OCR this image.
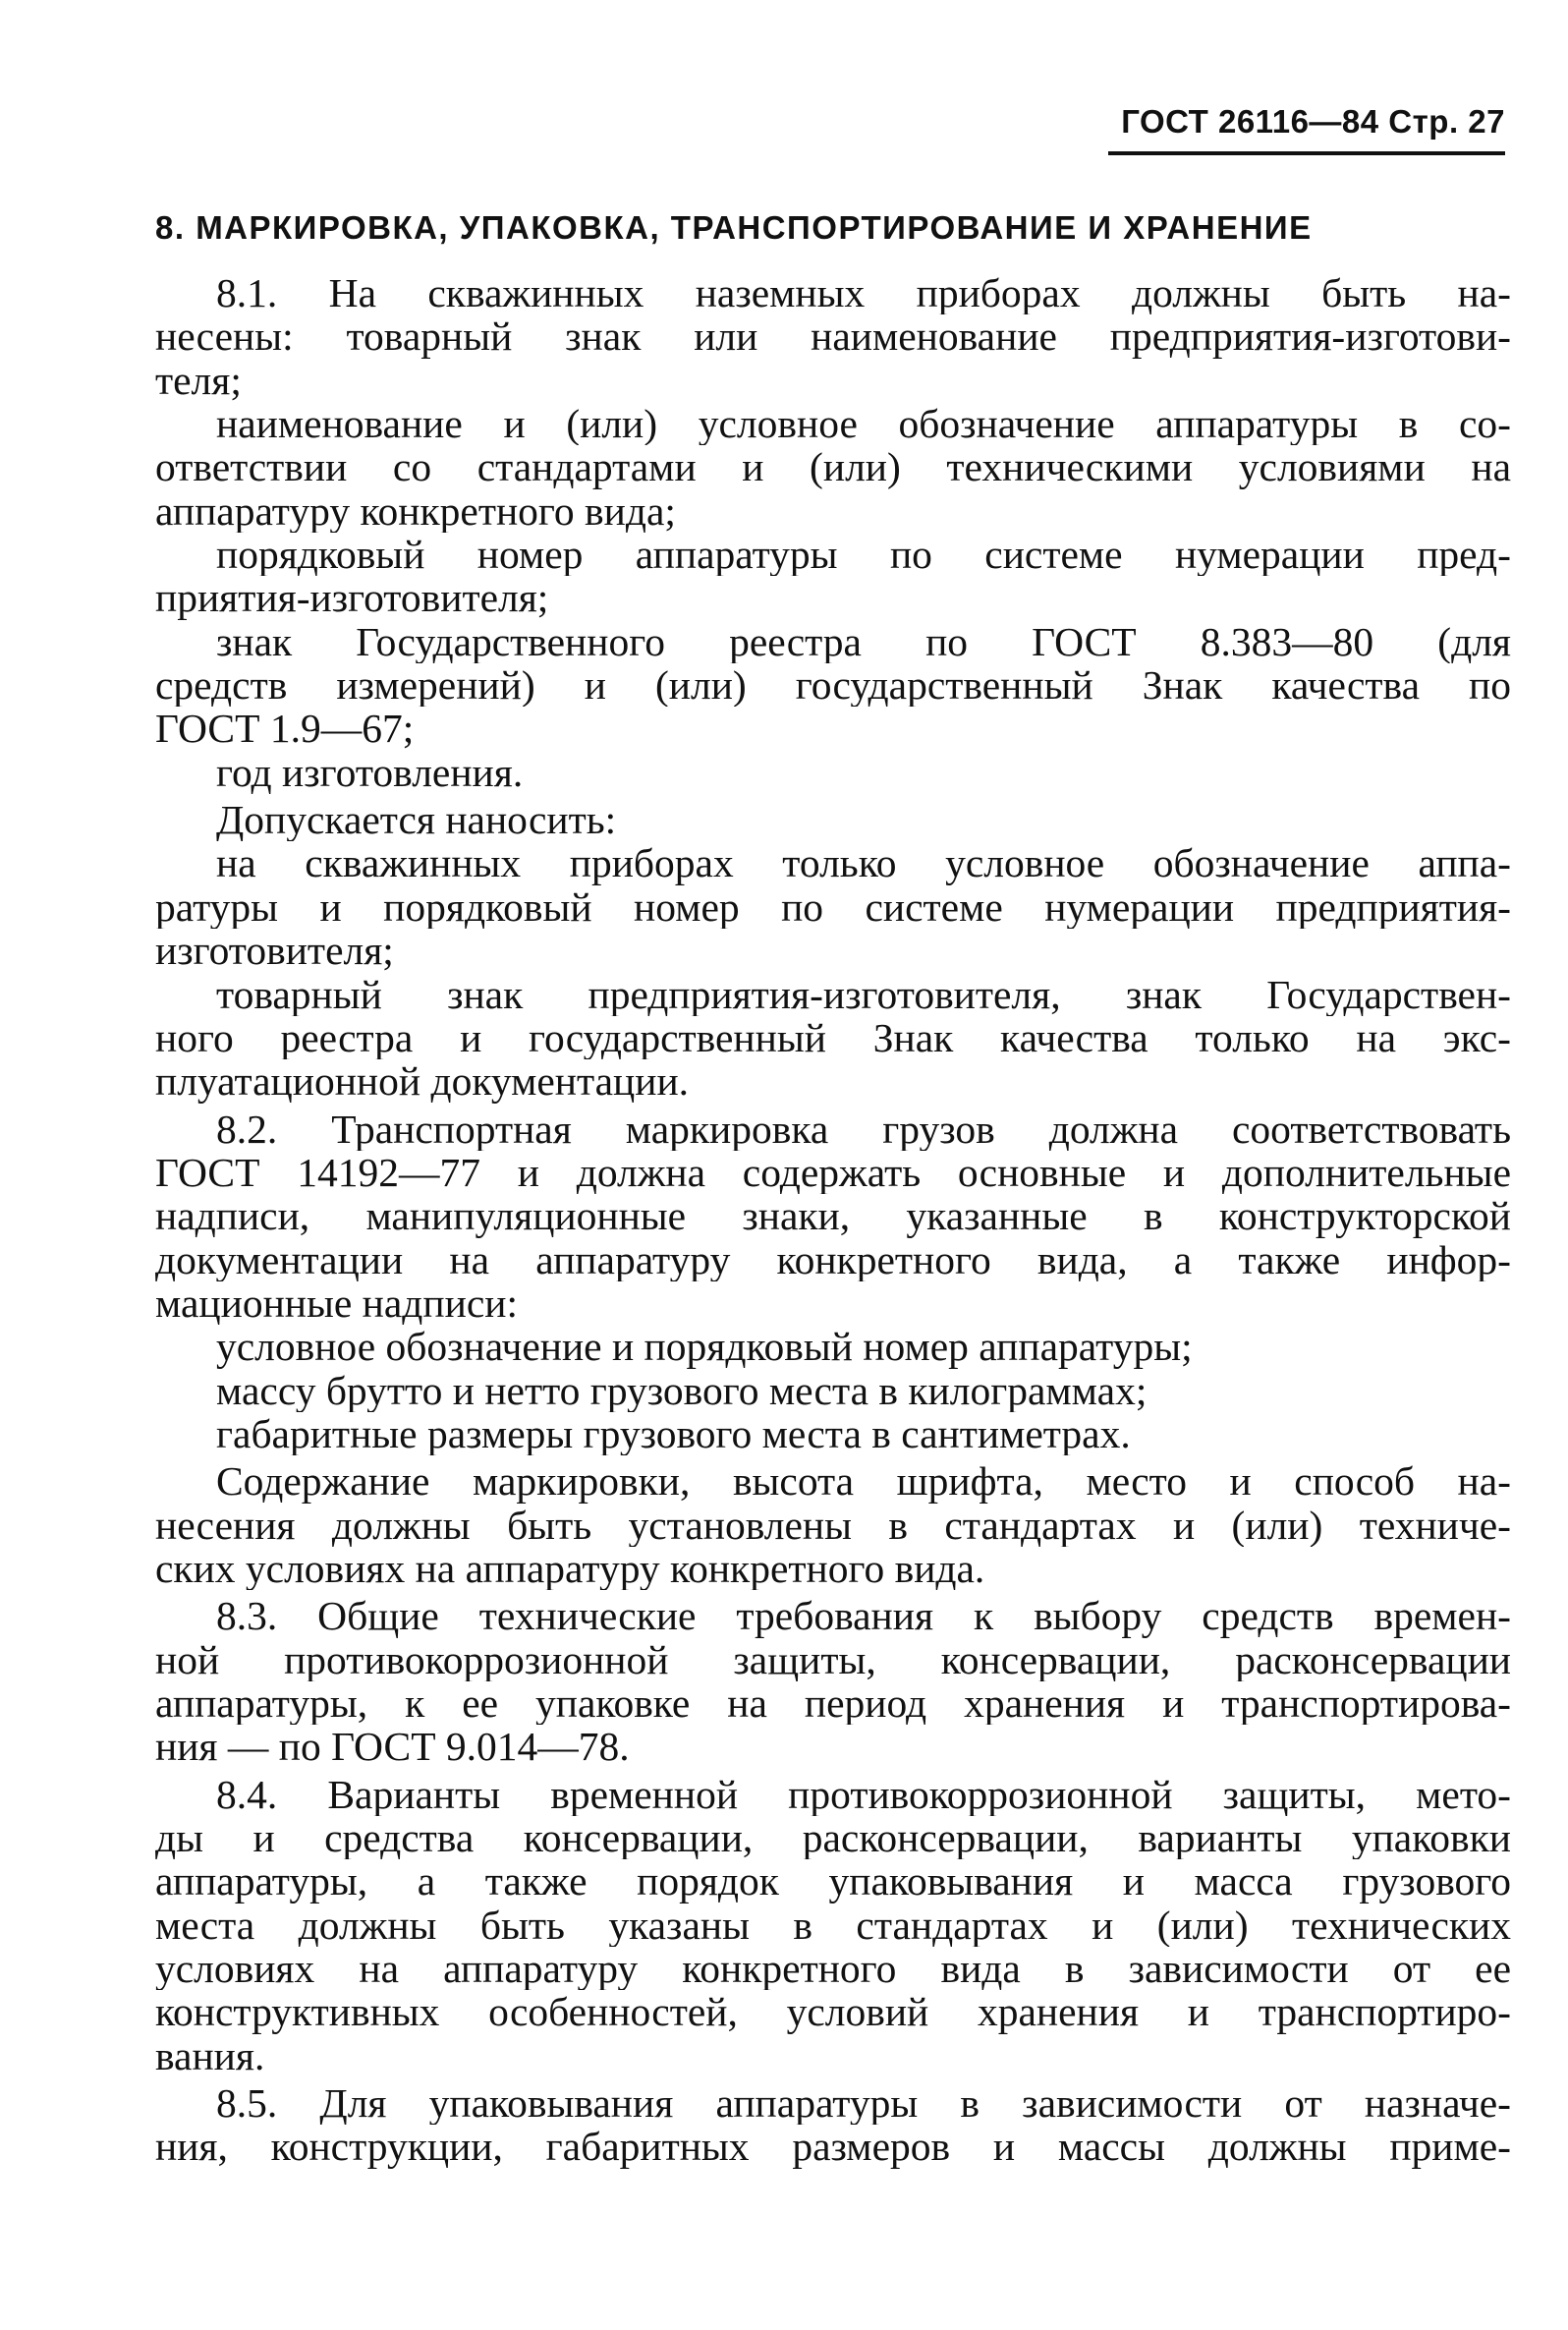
ГОСТ 26116—84 Стр. 27
8. МАРКИРОВКА, УПАКОВКА, ТРАНСПОРТИРОВАНИЕ И ХРАНЕНИЕ
8.1. На скважинных наземных приборах должны быть на-
несены: товарный знак или наименование предприятия-изготови-
теля;
наименование и (или) условное обозначение аппаратуры в со-
ответствии со стандартами и (или) техническими условиями на
аппаратуру конкретного вида;
порядковый номер аппаратуры по системе нумерации пред-
приятия-изготовителя;
знак Государственного реестра по ГОСТ 8.383—80 (для
средств измерений) и (или) государственный Знак качества по
ГОСТ 1.9—67;
год изготовления.
Допускается наносить:
на скважинных приборах только условное обозначение аппа-
ратуры и порядковый номер по системе нумерации предприятия-
изготовителя;
товарный знак предприятия-изготовителя, знак Государствен-
ного реестра и государственный Знак качества только на экс-
плуатационной документации.
8.2. Транспортная маркировка грузов должна соответствовать
ГОСТ 14192—77 и должна содержать основные и дополнительные
надписи, манипуляционные знаки, указанные в конструкторской
документации на аппаратуру конкретного вида, а также инфор-
мационные надписи:
условное обозначение и порядковый номер аппаратуры;
массу брутто и нетто грузового места в килограммах;
габаритные размеры грузового места в сантиметрах.
Содержание маркировки, высота шрифта, место и способ на-
несения должны быть установлены в стандартах и (или) техниче-
ских условиях на аппаратуру конкретного вида.
8.3. Общие технические требования к выбору средств времен-
ной противокоррозионной защиты, консервации, расконсервации
аппаратуры, к ее упаковке на период хранения и транспортирова-
ния — по ГОСТ 9.014—78.
8.4. Варианты временной противокоррозионной защиты, мето-
ды и средства консервации, расконсервации, варианты упаковки
аппаратуры, а также порядок упаковывания и масса грузового
места должны быть указаны в стандартах и (или) технических
условиях на аппаратуру конкретного вида в зависимости от ее
конструктивных особенностей, условий хранения и транспортиро-
вания.
8.5. Для упаковывания аппаратуры в зависимости от назначе-
ния, конструкции, габаритных размеров и массы должны приме-
